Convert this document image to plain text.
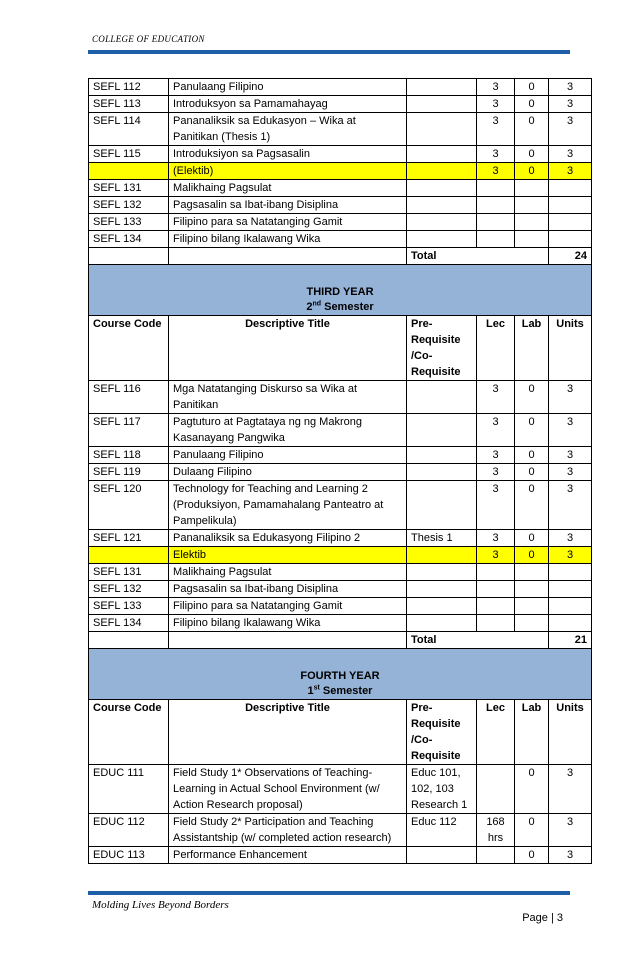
COLLEGE OF EDUCATION
SEFL 112	Panulaang Filipino		3	0	3
SEFL 113	Introduksyon sa Pamamahayag		3	0	3
SEFL 114	Pananaliksik sa Edukasyon – Wika at Panitikan (Thesis 1)		3	0	3
SEFL 115	Introduksiyon sa Pagsasalin		3	0	3
	(Elektib)		3	0	3
SEFL 131	Malikhaing Pagsulat				
SEFL 132	Pagsasalin sa Ibat-ibang Disiplina				
SEFL 133	Filipino para sa Natatanging Gamit				
SEFL 134	Filipino bilang Ikalawang Wika				
		Total			24

THIRD YEAR
2nd Semester					

Course Code	Descriptive Title	Pre-Requisite /Co-Requisite	Lec	Lab	Units
SEFL 116	Mga Natatanging Diskurso sa Wika at Panitikan		3	0	3
SEFL 117	Pagtuturo at Pagtataya ng ng Makrong Kasanayang Pangwika		3	0	3
SEFL 118	Panulaang Filipino		3	0	3
SEFL 119	Dulaang Filipino		3	0	3
SEFL 120	Technology for Teaching and Learning 2 (Produksiyon, Pamamahalang Panteatro at Pampelikula)		3	0	3
SEFL 121	Pananaliksik sa Edukasyong Filipino 2	Thesis 1	3	0	3
	Elektib		3	0	3
SEFL 131	Malikhaing Pagsulat				
SEFL 132	Pagsasalin sa Ibat-ibang Disiplina				
SEFL 133	Filipino para sa Natatanging Gamit				
SEFL 134	Filipino bilang Ikalawang Wika				
		Total			21

FOURTH YEAR
1st Semester					

Course Code	Descriptive Title	Pre-Requisite /Co-Requisite	Lec	Lab	Units
EDUC 111	Field Study 1* Observations of Teaching-Learning in Actual School Environment (w/ Action Research proposal)	Educ 101, 102, 103 Research 1		0	3
EDUC 112	Field Study 2* Participation and Teaching Assistantship (w/ completed action research)	Educ 112	168 hrs	0	3
EDUC 113	Performance Enhancement			0	3
Molding Lives Beyond Borders
Page | 3
